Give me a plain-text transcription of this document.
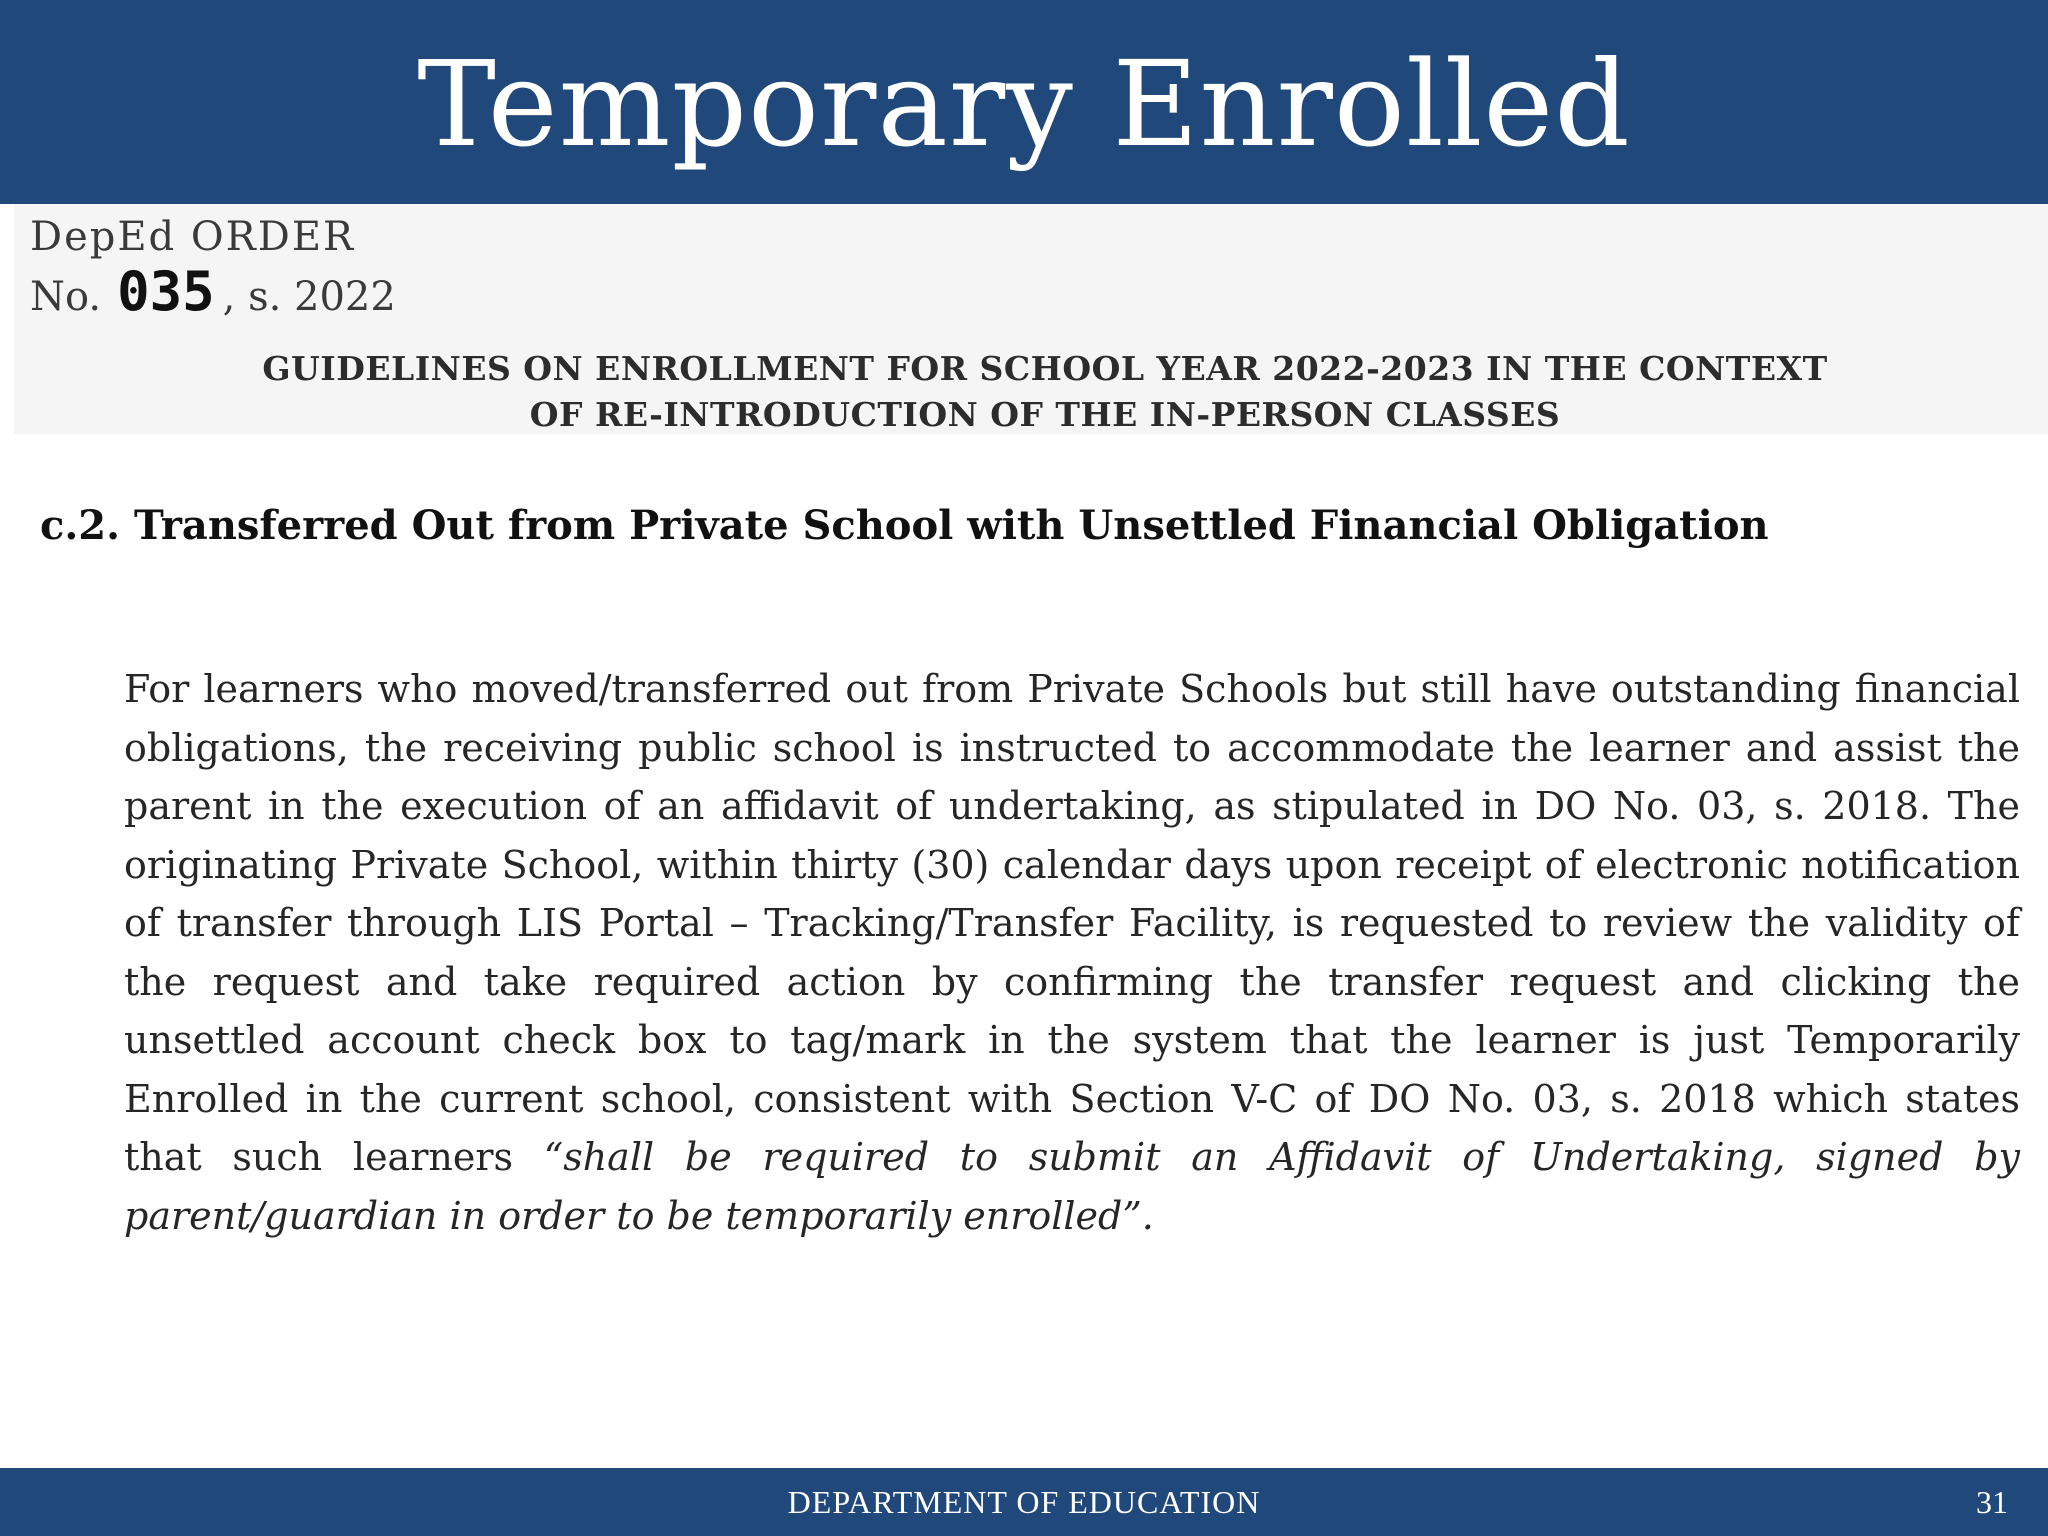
Temporary Enrolled
DepEd ORDER
No. 035 , s. 2022
GUIDELINES ON ENROLLMENT FOR SCHOOL YEAR 2022-2023 IN THE CONTEXT
OF RE-INTRODUCTION OF THE IN-PERSON CLASSES
c.2. Transferred Out from Private School with Unsettled Financial Obligation
For learners who moved/transferred out from Private Schools but still have outstanding financial obligations, the receiving public school is instructed to accommodate the learner and assist the parent in the execution of an affidavit of undertaking, as stipulated in DO No. 03, s. 2018. The originating Private School, within thirty (30) calendar days upon receipt of electronic notification of transfer through LIS Portal – Tracking/Transfer Facility, is requested to review the validity of the request and take required action by confirming the transfer request and clicking the unsettled account check box to tag/mark in the system that the learner is just Temporarily Enrolled in the current school, consistent with Section V-C of DO No. 03, s. 2018 which states that such learners “shall be required to submit an Affidavit of Undertaking, signed by parent/guardian in order to be temporarily enrolled”.
DEPARTMENT OF EDUCATION	31
